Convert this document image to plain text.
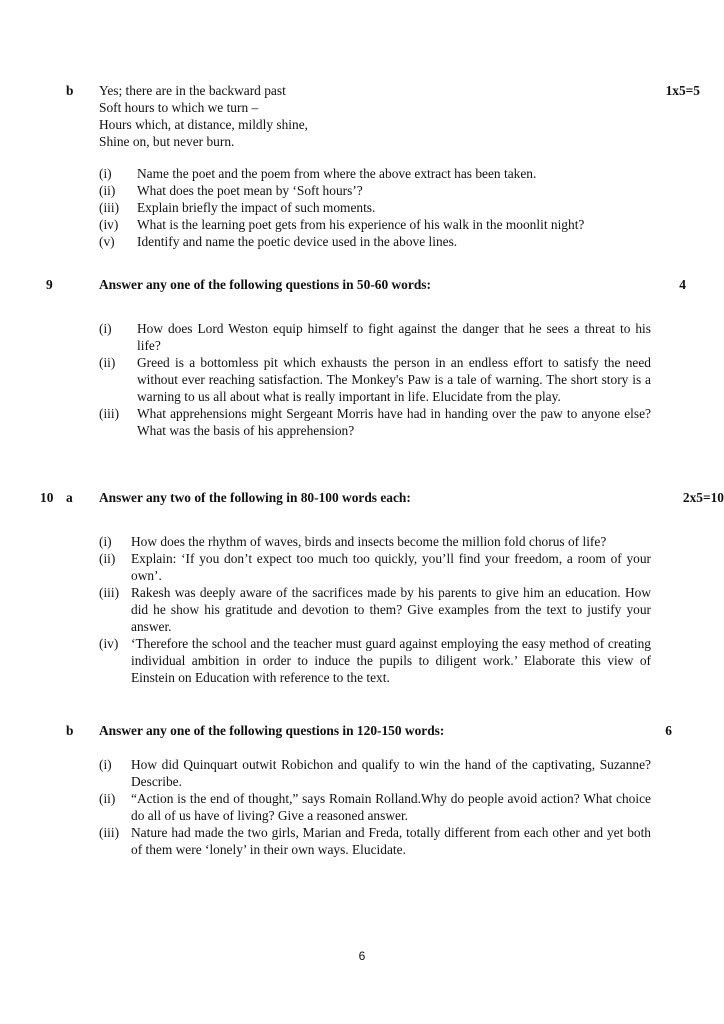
b	1x5=5
Yes; there are in the backward past
Soft hours to which we turn –
Hours which, at distance, mildly shine,
Shine on, but never burn.
(i)	Name the poet and the poem from where the above extract has been taken.
(ii)	What does the poet mean by ‘Soft hours’?
(iii)	Explain briefly the impact of such moments.
(iv)	What is the learning poet gets from his experience of his walk in the moonlit night?
(v)	Identify and name the poetic device used in the above lines.
9	Answer any one of the following questions in 50-60 words:	4
(i)	How does Lord Weston equip himself to fight against the danger that he sees a threat to his life?
(ii)	Greed is a bottomless pit which exhausts the person in an endless effort to satisfy the need without ever reaching satisfaction. The Monkey's Paw is a tale of warning. The short story is a warning to us all about what is really important in life. Elucidate from the play.
(iii)	What apprehensions might Sergeant Morris have had in handing over the paw to anyone else? What was the basis of his apprehension?
10 a Answer any two of the following in 80-100 words each:	2x5=10
(i)	How does the rhythm of waves, birds and insects become the million fold chorus of life?
(ii)	Explain: ‘If you don’t expect too much too quickly, you’ll find your freedom, a room of your own’.
(iii) Rakesh was deeply aware of the sacrifices made by his parents to give him an education. How did he show his gratitude and devotion to them? Give examples from the text to justify your answer.
(iv) ‘Therefore the school and the teacher must guard against employing the easy method of creating individual ambition in order to induce the pupils to diligent work.’ Elaborate this view of Einstein on Education with reference to the text.
b Answer any one of the following questions in 120-150 words:	6
(i)	How did Quinquart outwit Robichon and qualify to win the hand of the captivating, Suzanne? Describe.
(ii)	“Action is the end of thought,” says Romain Rolland.Why do people avoid action? What choice do all of us have of living? Give a reasoned answer.
(iii) Nature had made the two girls, Marian and Freda, totally different from each other and yet both of them were ‘lonely’ in their own ways. Elucidate.
6
